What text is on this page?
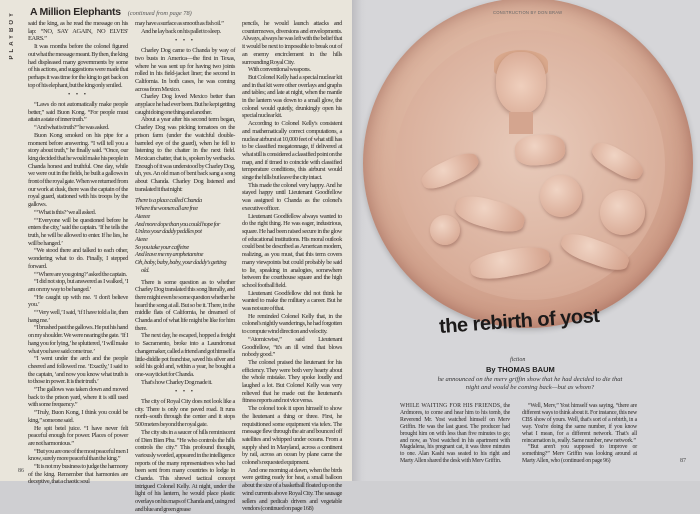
PLAYBOY A Million Elephants (continued from page 78)

said the king, as he read the message on his lap: “NO, SAY AGAIN, NO ELVES' EARS.”

It was months before the colonel figured out what the message meant. By then, the king had displeased many governments by some of his actions, and suggestions were made that perhaps it was time for the king to get back on top of his elephant, but the king only smiled.

• • •

“Laws do not automatically make people better,” said Buon Kong. “For people must attain a state of inner truth.”

“And what is truth?” he was asked.

Buon Kong smoked on his pipe for a moment before answering. “I will tell you a story about truth,” he finally said. “Once, our king decided that he would make his people in Chanda honest and truthful. One day, while we were out in the fields, he built a gallows in front of the royal gate. When we returned from our work at dusk, there was the captain of the royal guard, stationed with his troops by the gallows.

“‘What is this?’ we all asked.

“‘Everyone will be questioned before he enters the city,’ said the captain. ‘If he tells the truth, he will be allowed to enter. If he lies, he will be hanged.’

“We stood there and talked to each other, wondering what to do. Finally, I stepped forward.

“‘Where are you going?’ asked the captain.

“I did not stop, but answered as I walked, ‘I am on my way to be hanged.’

“He caught up with me. ‘I don't believe you.’

“‘Very well,’ I said, ‘if I have told a lie, then hang me.’

“I brushed past the gallows. He put his hand on my shoulder. We were nearing the gate. ‘If I hang you for lying,’ he spluttered, ‘I will make what you have said come true.’

“I went under the arch and the people cheered and followed me. ‘Exactly,’ I said to the captain, ‘and now you know what truth is to those in power. It is their truth.’

“The gallows was taken down and moved back to the prison yard, where it is still used with some frequency.”

“Truly, Buon Kong, I think you could be king,” someone said.

He spit betel juice. “I have never felt peaceful enough for power. Places of power are not harmonious.”

“But you are one of the most peaceful men I know, surely more peaceful than the king.”

“It is not my business to judge the harmony of the king. Remember that harmonies are deceptive, that a chaotic soul

may have a surface as smooth as fish oil.”

And he lay back on his pallet to sleep.

• • •

Charley Dog came to Chanda by way of two busts in America—the first in Texas, where he was sent up for having two joints rolled in his field-jacket liner; the second in California. In both cases, he was coming across from Mexico.

Charley Dog loved Mexico better than anyplace he had ever been. But he kept getting caught doing one thing and another.

About a year after his second term began, Charley Dog was picking tomatoes on the prison farm (under the watchful double-barreled eye of the guard), when he fell to listening to the chatter in the next field. Mexican chatter, that is, spoken by wetbacks. Enough of it was understood by Charley Dog, uh, yes. An old man of bent back sang a song about Chanda. Charley Dog listened and translated it that night:

There is a place called Chanda

Where the women all are free

Aieeee

And more dope than you could hope for

Unless your daddy peddles pot

Aieee

So you take your caffeine

And leave me my amphetamine

Oh, baby, baby, baby, your daddy's getting old.

There is some question as to whether Charley Dog translated this song literally, and there might even be some question whether he heard the song at all. But so be it. There, in the middle flats of California, he dreamed of Chanda and of what life might be like for him there.

The next day, he escaped, hopped a freight to Sacramento, broke into a Laundromat changemaker, called a friend and got himself a little-diddle pot franchise, saved his silver and sold his gold and, within a year, he bought a one-way ticket for Chanda.

That's how Charley Dog made it.

• • •

The city of Royal City does not look like a city. There is only one paved road. It runs north–south through the center and it stops 500 meters beyond the royal gate.

The city sits in a saucer of hills reminiscent of Dien Bien Phu. “He who controls the hills controls the city.” This profound thought, variously worded, appeared in the intelligence reports of the many representatives who had been sent from many countries to lodge in Chanda. This shrewd tactical concept intrigued Colonel Kelly. At night, under the light of his lantern, he would place plastic overlays on his maps of Chanda and, using red and blue and green grease

pencils, he would launch attacks and countermoves, diversions and envelopments. Always, always he was left with the belief that it would be next to impossible to break out of an enemy encirclement in the hills surrounding Royal City.

With conventional weapons.

But Colonel Kelly had a special nuclear kit and in that kit were other overlays and graphs and tables; and late at night, when the mantle in the lantern was down to a small glow, the colonel would quietly, drunkingly open his special nuclear kit.

According to Colonel Kelly's consistent and mathematically correct computations, a nuclear airburst at 10,000 feet of what still has to be classified megatonnage, if delivered at what still is considered a classified point on the map, and if timed to coincide with classified temperature conditions, this airburst would singe the hills but leave the city intact.

This made the colonel very happy. And he stayed happy until Lieutenant Goodfellow was assigned to Chanda as the colonel's executive officer.

Lieutenant Goodfellow always wanted to do the right thing. He was eager, industrious, square. He had been raised secure in the glow of educational institutions. His moral outlook could best be described as American modern, realizing, as you must, that this term covers many viewpoints but could probably be said to lie, speaking in analogies, somewhere between the courthouse square and the high school football field.

Lieutenant Goodfellow did not think he wanted to make the military a career. But he was not sure of that.

He reminded Colonel Kelly that, in the colonel's nightly wanderings, he had forgotten to compute wind direction and velocity.

“Atomicwise,” said Lieutenant Goodfellow, “it's an ill wind that blows nobody good.”

The colonel praised the lieutenant for his efficiency. They were both very hearty about the whole mistake. They spoke loudly and laughed a lot. But Colonel Kelly was very relieved that he made out the lieutenant's fitness reports and not vice versa.

The colonel took it upon himself to show the lieutenant a thing or three. First, he requisitioned some equipment via telex. The message flew through the air and bounced off satellites and whipped under oceans. From a supply shed in Maryland, across a continent by rail, across an ocean by plane came the colonel's requested equipment.

And one morning at dawn, when the birds were getting ready for heat, a small balloon about the size of a basketball floated up on the wind currents above Royal City. The sausage sellers and pedicab drivers and vegetable vendors (continued on page 168)

86
CONSTRUCTION BY DON BRAW
the rebirth of yost
fiction
By THOMAS BAUM
he announced on the merv griffin show that he had decided to die that night and would be coming back—but as whom?

WHILE WAITING FOR HIS FRIENDS, the Ardmores, to come and hear him to his tomb, the Reverend Mr. Yost watched himself on Merv Griffin. He was the last guest. The producer had brought him on with less than five minutes to go; and now, as Yost watched in his apartment with Magdalena, his pregnant cat, it was three minutes to one. Alan Kashi was seated to his right and Marty Allen shared the desk with Merv Griffin.

“Well, Merv,” Yost himself was saying, “there are different ways to think about it. For instance, this new CBS show of yours. Well, that's sort of a rebirth, in a way. You're doing the same number, if you know what I mean, for a different network. That's all reincarnation is, really. Same number, new network.”

“But aren't you supposed to improve or something?” Merv Griffin was looking around at Marty Allen, who (continued on page 96)	87
